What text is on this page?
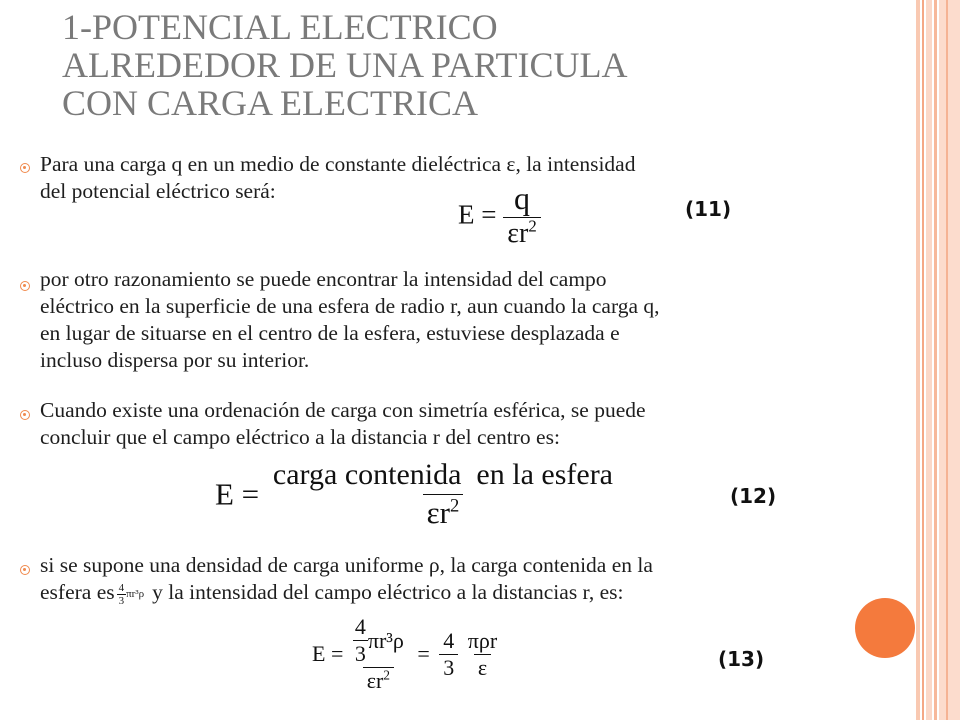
1-POTENCIAL ELECTRICO
ALREDEDOR DE UNA PARTICULA
CON CARGA ELECTRICA
Para una carga q en un medio de constante dieléctrica ε, la intensidad
del potencial eléctrico será:
$E = \frac{q}{\varepsilon r^2}$	(11)
por otro razonamiento se puede encontrar la intensidad del campo
eléctrico en la superficie de una esfera de radio r, aun cuando la carga q,
en lugar de situarse en el centro de la esfera, estuviese desplazada e
incluso dispersa por su interior.
Cuando existe una ordenación de carga con simetría esférica, se puede
concluir que el campo eléctrico a la distancia r del centro es:
$E = \frac{\text{carga contenida  en la esfera}}{\varepsilon r^2}$	(12)
si se supone una densidad de carga uniforme ρ, la carga contenida en la
esfera es $\frac{4}{3} \pi r^3\rho$ y la intensidad del campo eléctrico a la distancias r, es:
$E = \frac{\frac{4}{3} \pi r^3\rho}{\varepsilon r^2} = \frac{4}{3}$
$\frac{\text{πρr}}{\varepsilon}$	(13)
